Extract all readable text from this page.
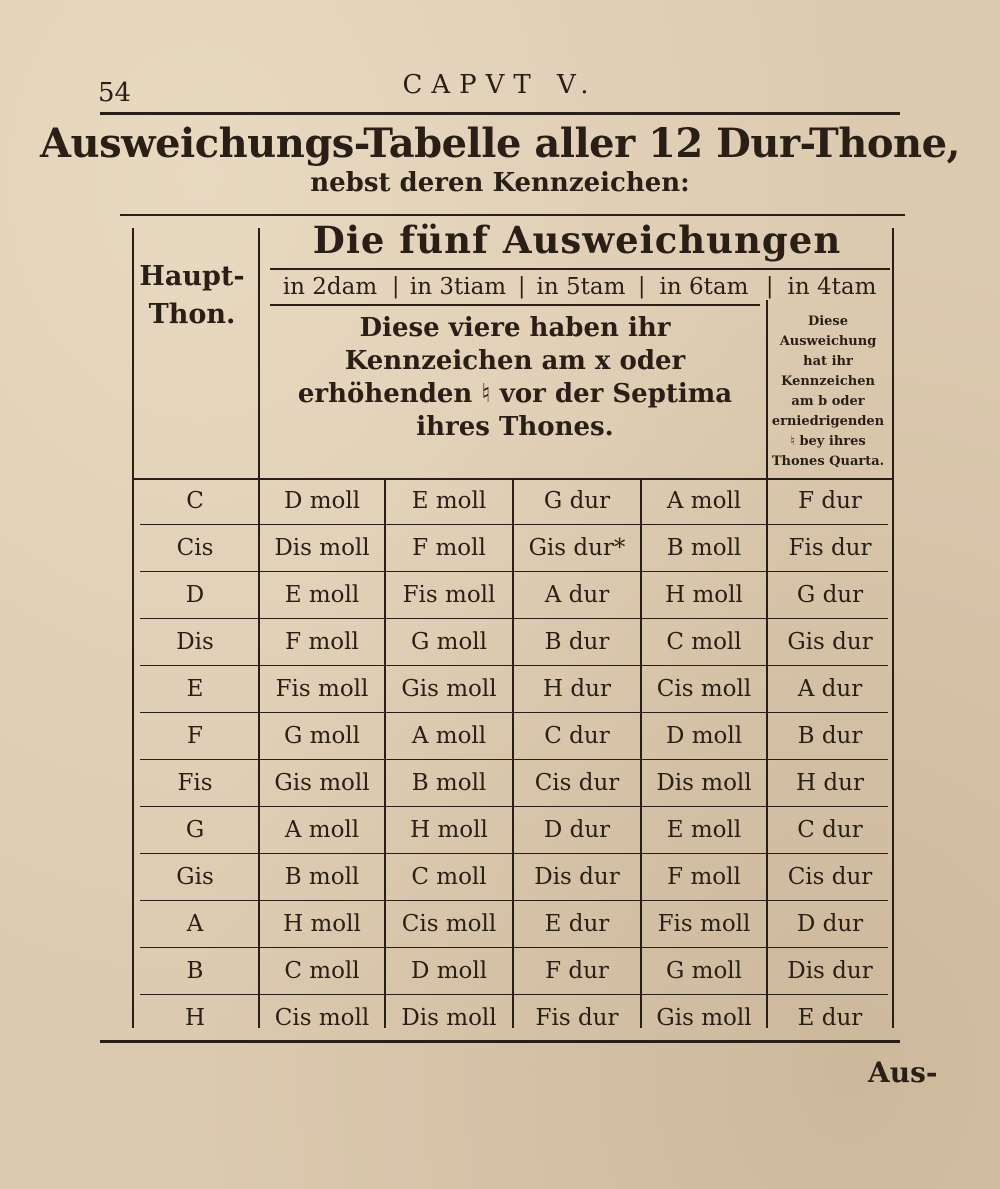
54	CAPVT V.
Ausweichungs-Tabelle aller 12 Dur-Thone,
nebst deren Kennzeichen:
Haupt-Thon.
Die fünf Ausweichungen
in 2dam | in 3tiam | in 5tam | in 6tam | in 4tam
Diese viere haben ihr Kennzeichen am x oder erhöhenden ♮ vor der Septima ihres Thones.
Diese Ausweichung hat ihr Kennzeichen am b oder erniedrigenden ♮ bey ihres Thones Quarta.
C	D moll	E moll	G dur	A moll	F dur
Cis	Dis moll	F moll	Gis dur*	B moll	Fis dur
D	E moll	Fis moll	A dur	H moll	G dur
Dis	F moll	G moll	B dur	C moll	Gis dur
E	Fis moll	Gis moll	H dur	Cis moll	A dur
F	G moll	A moll	C dur	D moll	B dur
Fis	Gis moll	B moll	Cis dur	Dis moll	H dur
G	A moll	H moll	D dur	E moll	C dur
Gis	B moll	C moll	Dis dur	F moll	Cis dur
A	H moll	Cis moll	E dur	Fis moll	D dur
B	C moll	D moll	F dur	G moll	Dis dur
H	Cis moll	Dis moll	Fis dur	Gis moll	E dur
Aus-
